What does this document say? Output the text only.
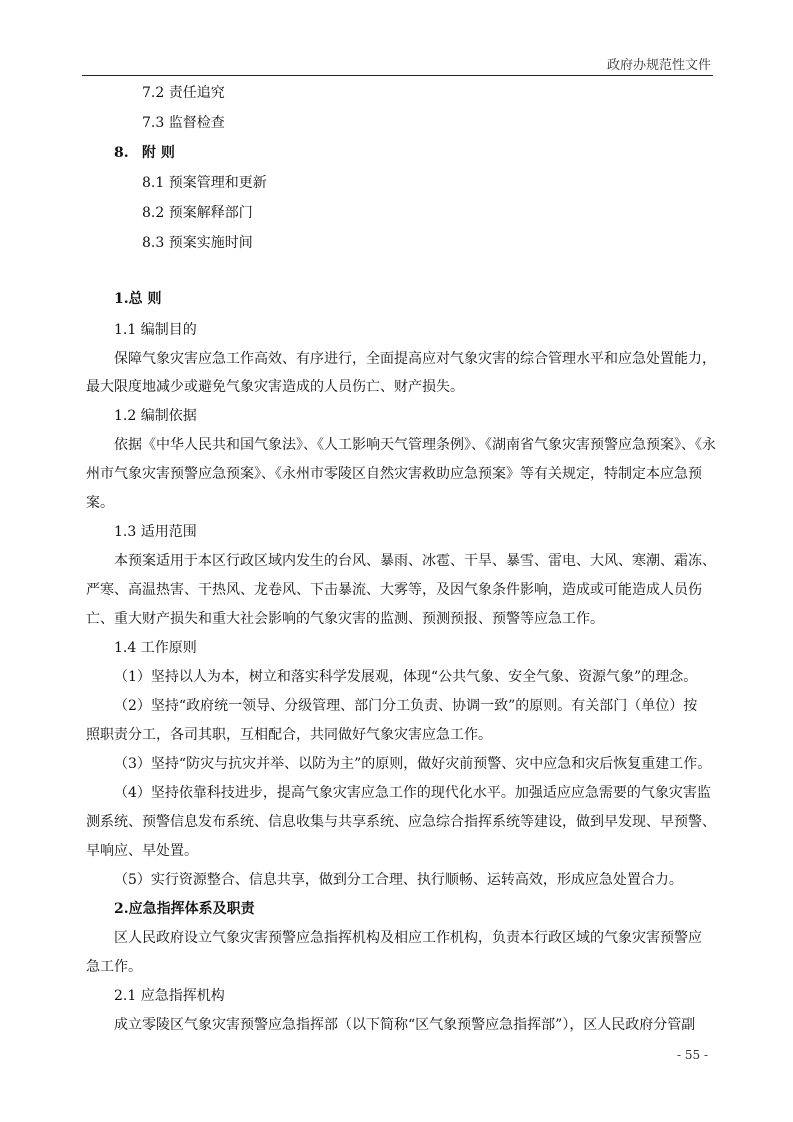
政府办规范性文件
7.2 责任追究
7.3 监督检查
8. 附 则
8.1 预案管理和更新
8.2 预案解释部门
8.3 预案实施时间
1.总 则
1.1 编制目的
保障气象灾害应急工作高效、有序进行，全面提高应对气象灾害的综合管理水平和应急处置能力，
最大限度地减少或避免气象灾害造成的人员伤亡、财产损失。
1.2 编制依据
依据《中华人民共和国气象法》、《人工影响天气管理条例》、《湖南省气象灾害预警应急预案》、《永
州市气象灾害预警应急预案》、《永州市零陵区自然灾害救助应急预案》等有关规定，特制定本应急预
案。
1.3 适用范围
本预案适用于本区行政区域内发生的台风、暴雨、冰雹、干旱、暴雪、雷电、大风、寒潮、霜冻、
严寒、高温热害、干热风、龙卷风、下击暴流、大雾等，及因气象条件影响，造成或可能造成人员伤
亡、重大财产损失和重大社会影响的气象灾害的监测、预测预报、预警等应急工作。
1.4 工作原则
（1）坚持以人为本，树立和落实科学发展观，体现“公共气象、安全气象、资源气象”的理念。
（2）坚持“政府统一领导、分级管理、部门分工负责、协调一致”的原则。有关部门（单位）按
照职责分工，各司其职，互相配合，共同做好气象灾害应急工作。
（3）坚持“防灾与抗灾并举、以防为主”的原则，做好灾前预警、灾中应急和灾后恢复重建工作。
（4）坚持依靠科技进步，提高气象灾害应急工作的现代化水平。加强适应应急需要的气象灾害监
测系统、预警信息发布系统、信息收集与共享系统、应急综合指挥系统等建设，做到早发现、早预警、
早响应、早处置。
（5）实行资源整合、信息共享，做到分工合理、执行顺畅、运转高效，形成应急处置合力。
2.应急指挥体系及职责
区人民政府设立气象灾害预警应急指挥机构及相应工作机构，负责本行政区域的气象灾害预警应
急工作。
2.1 应急指挥机构
成立零陵区气象灾害预警应急指挥部（以下简称“区气象预警应急指挥部”），区人民政府分管副
- 55 -
